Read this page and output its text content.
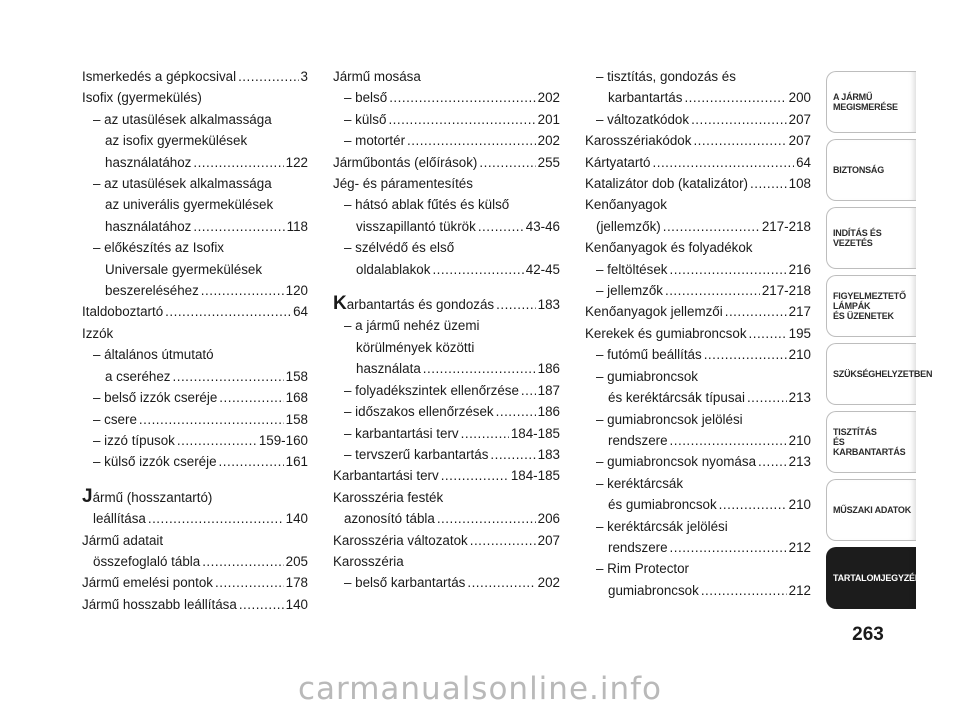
Ismerkedés a gépkocsival .....	3
Isofix (gyermekülés)
– az utasülések alkalmassága
az isofix gyermekülések
használatához .....	122
– az utasülések alkalmassága
az univerális gyermekülések
használatához .....	118
– előkészítés az Isofix
Universale gyermekülések
beszereléséhez .....	120
Italdoboztartó .....	64
Izzók
– általános útmutató
a cseréhez .....	158
– belső izzók cseréje .....	168
– csere .....	158
– izzó típusok .....	159-160
– külső izzók cseréje .....	161
Jármű (hosszantartó)
leállítása .....	140
Jármű adatait
összefoglaló tábla .....	205
Jármű emelési pontok .....	178
Jármű hosszabb leállítása .....	140
Jármű mosása
– belső .....	202
– külső .....	201
– motortér .....	202
Járműbontás (előírások) .....	255
Jég- és páramentesítés
– hátsó ablak fűtés és külső
visszapillantó tükrök .....	43-46
– szélvédő és első
oldalablakok .....	42-45
Karbantartás és gondozás .....	183
– a jármű nehéz üzemi
körülmények közötti
használata .....	186
– folyadékszintek ellenőrzése ..... 187
– időszakos ellenőrzések .....	186
– karbantartási terv .....	184-185
– tervszerű karbantartás .....	183
Karbantartási terv .....	184-185
Karosszéria festék
azonosító tábla .....	206
Karosszéria változatok .....	207
Karosszéria
– belső karbantartás .....	202
– tisztítás, gondozás és
karbantartás .....	200
– változatkódok .....	207
Karosszériakódok .....	207
Kártyatartó .....	64
Katalizátor dob (katalizátor) .....	108
Kenőanyagok
(jellemzők) .....	217-218
Kenőanyagok és folyadékok
– feltöltések .....	216
– jellemzők .....	217-218
Kenőanyagok jellemzői .....	217
Kerekek és gumiabroncsok .....	195
– futómű beállítás .....	210
– gumiabroncsok
és keréktárcsák típusai .....	213
– gumiabroncsok jelölési
rendszere .....	210
– gumiabroncsok nyomása ..... 213
– keréktárcsák
és gumiabroncsok .....	210
– keréktárcsák jelölési
rendszere .....	212
– Rim Protector
gumiabroncsok .....	212
A JÁRMŰ
MEGISMERÉSE
BIZTONSÁG
INDÍTÁS ÉS VEZETÉS
FIGYELMEZTETŐ
LÁMPÁK
ÉS ÜZENETEK
SZÜKSÉGHELYZETBEN
TISZTÍTÁS
ÉS KARBANTARTÁS
MŰSZAKI ADATOK
TARTALOMJEGYZÉK
263
carmanualsonline.info
